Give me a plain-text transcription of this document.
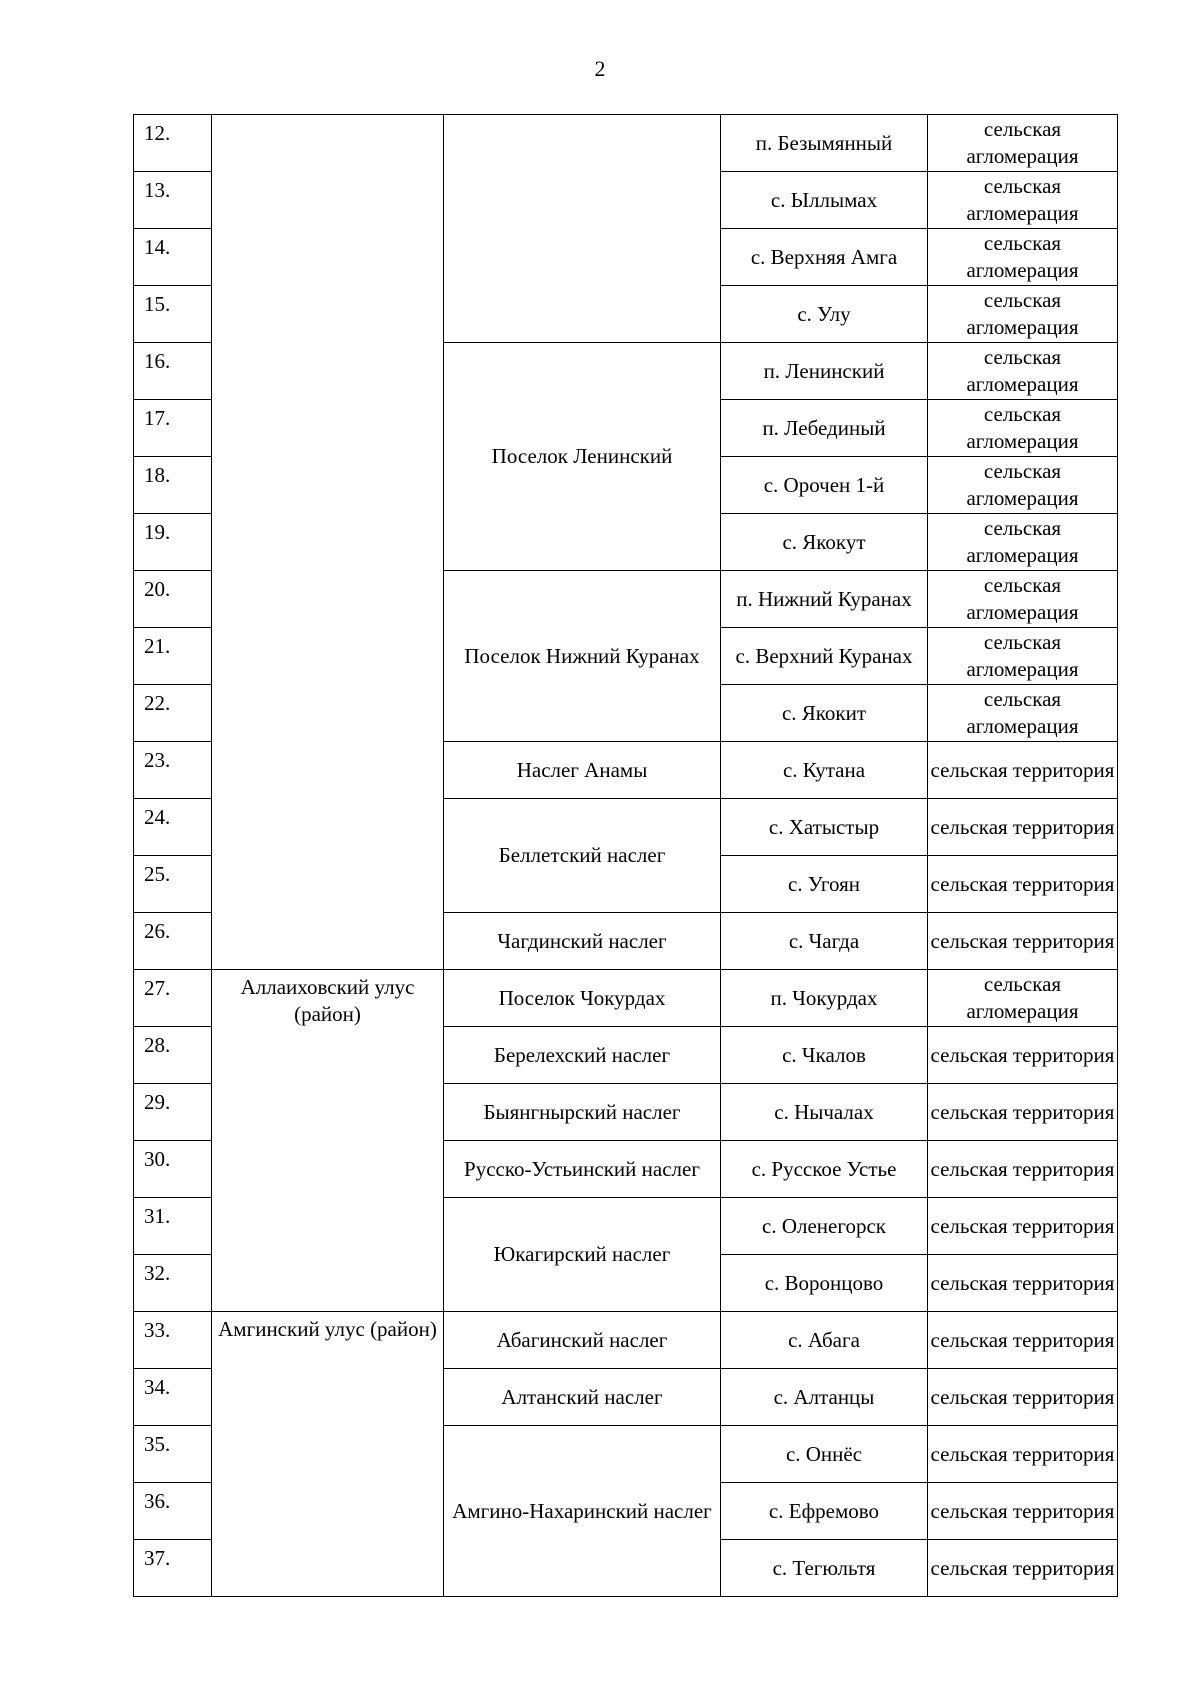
2
12.			п. Безымянный	сельская агломерация
13.			с. Ыллымах	сельская агломерация
14.			с. Верхняя Амга	сельская агломерация
15.			с. Улу	сельская агломерация
16.		Поселок Ленинский	п. Ленинский	сельская агломерация
17.			п. Лебединый	сельская агломерация
18.			с. Орочен 1-й	сельская агломерация
19.			с. Якокут	сельская агломерация
20.		Поселок Нижний Куранах	п. Нижний Куранах	сельская агломерация
21.			с. Верхний Куранах	сельская агломерация
22.			с. Якокит	сельская агломерация
23.		Наслег Анамы	с. Кутана	сельская территория
24.		Беллетский наслег	с. Хатыстыр	сельская территория
25.			с. Угоян	сельская территория
26.		Чагдинский наслег	с. Чагда	сельская территория
27.	Аллаиховский улус (район)	Поселок Чокурдах	п. Чокурдах	сельская агломерация
28.		Берелехский наслег	с. Чкалов	сельская территория
29.		Быянгнырский наслег	с. Нычалах	сельская территория
30.		Русско-Устьинский наслег	с. Русское Устье	сельская территория
31.		Юкагирский наслег	с. Оленегорск	сельская территория
32.			с. Воронцово	сельская территория
33.	Амгинский улус (район)	Абагинский наслег	с. Абага	сельская территория
34.		Алтанский наслег	с. Алтанцы	сельская территория
35.		Амгино-Нахаринский наслег	с. Оннёс	сельская территория
36.			с. Ефремово	сельская территория
37.			с. Тегюльтя	сельская территория
